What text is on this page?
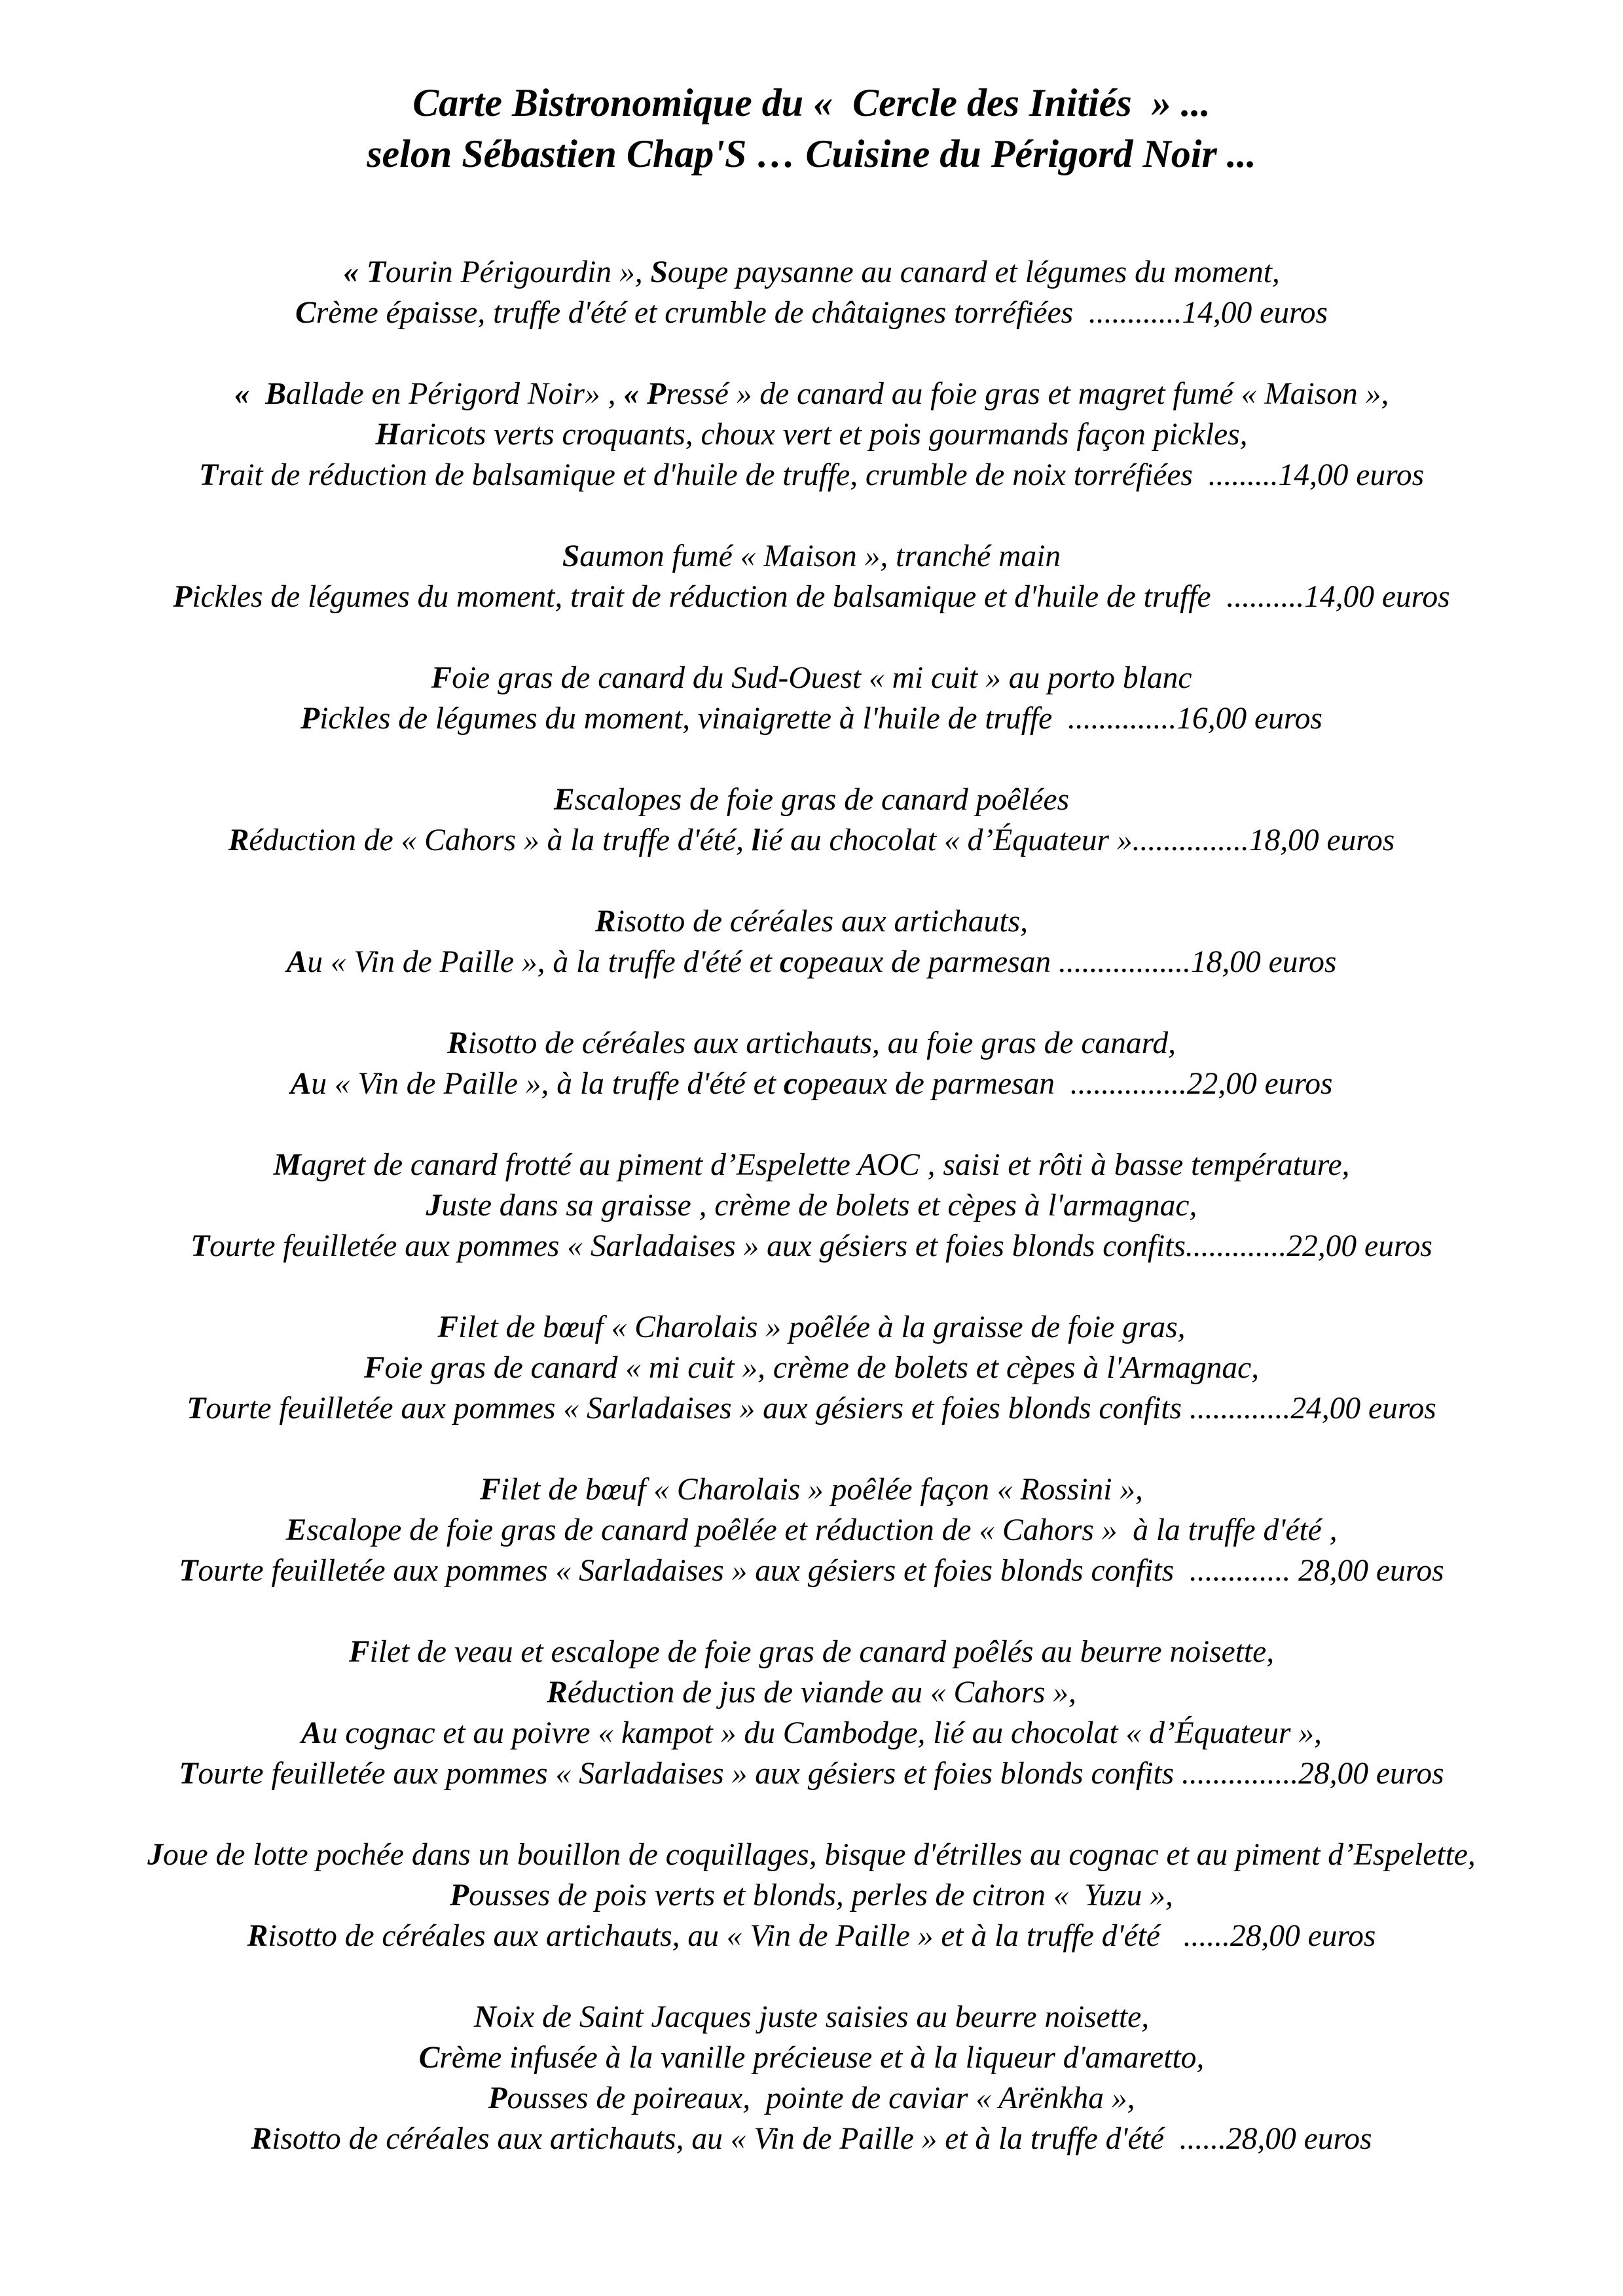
Carte Bistronomique du «  Cercle des Initiés  » ...
selon Sébastien Chap'S … Cuisine du Périgord Noir ...
« Tourin Périgourdin », Soupe paysanne au canard et légumes du moment,
Crème épaisse, truffe d'été et crumble de châtaignes torréfiées  ............14,00 euros
«  Ballade en Périgord Noir» , « Pressé » de canard au foie gras et magret fumé « Maison »,
Haricots verts croquants, choux vert et pois gourmands façon pickles,
Trait de réduction de balsamique et d'huile de truffe, crumble de noix torréfiées  .........14,00 euros
Saumon fumé « Maison », tranché main
Pickles de légumes du moment, trait de réduction de balsamique et d'huile de truffe  ..........14,00 euros
Foie gras de canard du Sud-Ouest « mi cuit » au porto blanc
Pickles de légumes du moment, vinaigrette à l'huile de truffe  ..............16,00 euros
Escalopes de foie gras de canard poêlées
Réduction de « Cahors » à la truffe d'été, lié au chocolat « d’Équateur »...............18,00 euros
Risotto de céréales aux artichauts,
Au « Vin de Paille », à la truffe d'été et copeaux de parmesan .................18,00 euros
Risotto de céréales aux artichauts, au foie gras de canard,
Au « Vin de Paille », à la truffe d'été et copeaux de parmesan  ...............22,00 euros
Magret de canard frotté au piment d’Espelette AOC , saisi et rôti à basse température,
Juste dans sa graisse , crème de bolets et cèpes à l'armagnac,
Tourte feuilletée aux pommes « Sarladaises » aux gésiers et foies blonds confits.............22,00 euros
Filet de bœuf « Charolais » poêlée à la graisse de foie gras,
Foie gras de canard « mi cuit », crème de bolets et cèpes à l'Armagnac,
Tourte feuilletée aux pommes « Sarladaises » aux gésiers et foies blonds confits .............24,00 euros
Filet de bœuf « Charolais » poêlée façon « Rossini »,
Escalope de foie gras de canard poêlée et réduction de « Cahors »  à la truffe d'été ,
Tourte feuilletée aux pommes « Sarladaises » aux gésiers et foies blonds confits  ............. 28,00 euros
Filet de veau et escalope de foie gras de canard poêlés au beurre noisette,
Réduction de jus de viande au « Cahors »,
Au cognac et au poivre « kampot » du Cambodge, lié au chocolat « d’Équateur »,
Tourte feuilletée aux pommes « Sarladaises » aux gésiers et foies blonds confits ...............28,00 euros
Joue de lotte pochée dans un bouillon de coquillages, bisque d'étrilles au cognac et au piment d’Espelette,
Pousses de pois verts et blonds, perles de citron «  Yuzu »,
Risotto de céréales aux artichauts, au « Vin de Paille » et à la truffe d'été   ......28,00 euros
Noix de Saint Jacques juste saisies au beurre noisette,
Crème infusée à la vanille précieuse et à la liqueur d'amaretto,
Pousses de poireaux,  pointe de caviar « Arënkha »,
Risotto de céréales aux artichauts, au « Vin de Paille » et à la truffe d'été  ......28,00 euros
